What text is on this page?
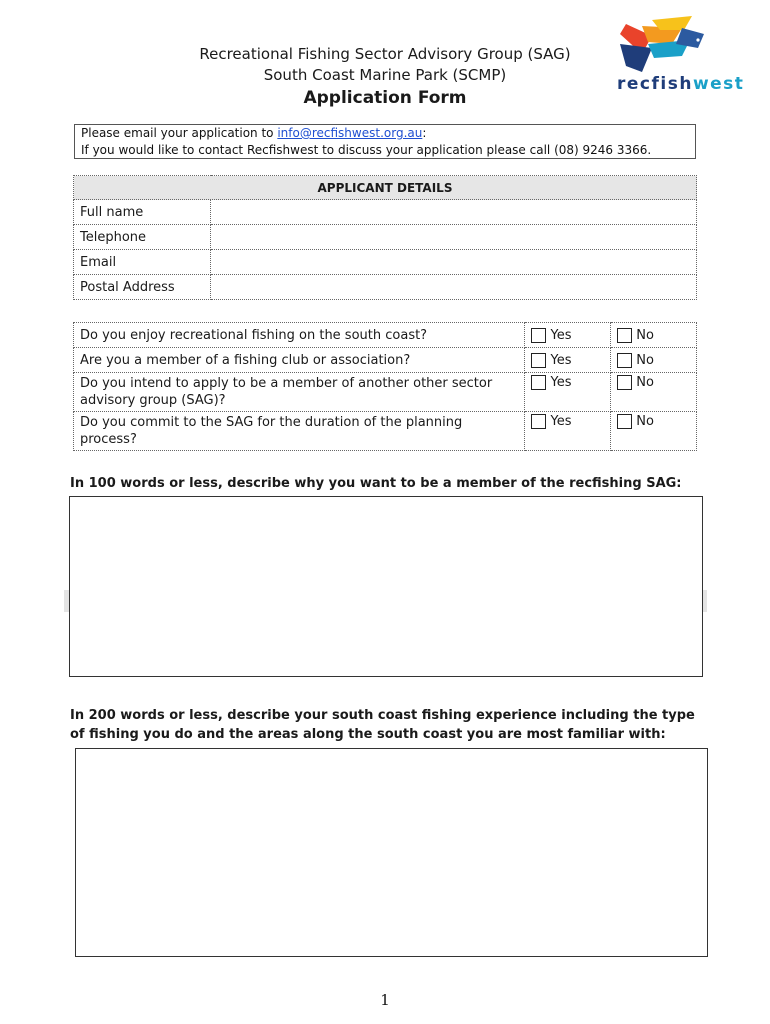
Recreational Fishing Sector Advisory Group (SAG)
South Coast Marine Park (SCMP)
Application Form
recfishwest
Please email your application to info@recfishwest.org.au:
If you would like to contact Recfishwest to discuss your application please call (08) 9246 3366.
APPLICANT DETAILS	
Full name	
Telephone	
Email	
Postal Address	
Do you enjoy recreational fishing on the south coast?	Yes	No
Are you a member of a fishing club or association?	Yes	No
Do you intend to apply to be a member of another other sector advisory group (SAG)?	Yes	No
Do you commit to the SAG for the duration of the planning process?	Yes	No
In 100 words or less, describe why you want to be a member of the recfishing SAG:
In 200 words or less, describe your south coast fishing experience including the type of fishing you do and the areas along the south coast you are most familiar with:
1
